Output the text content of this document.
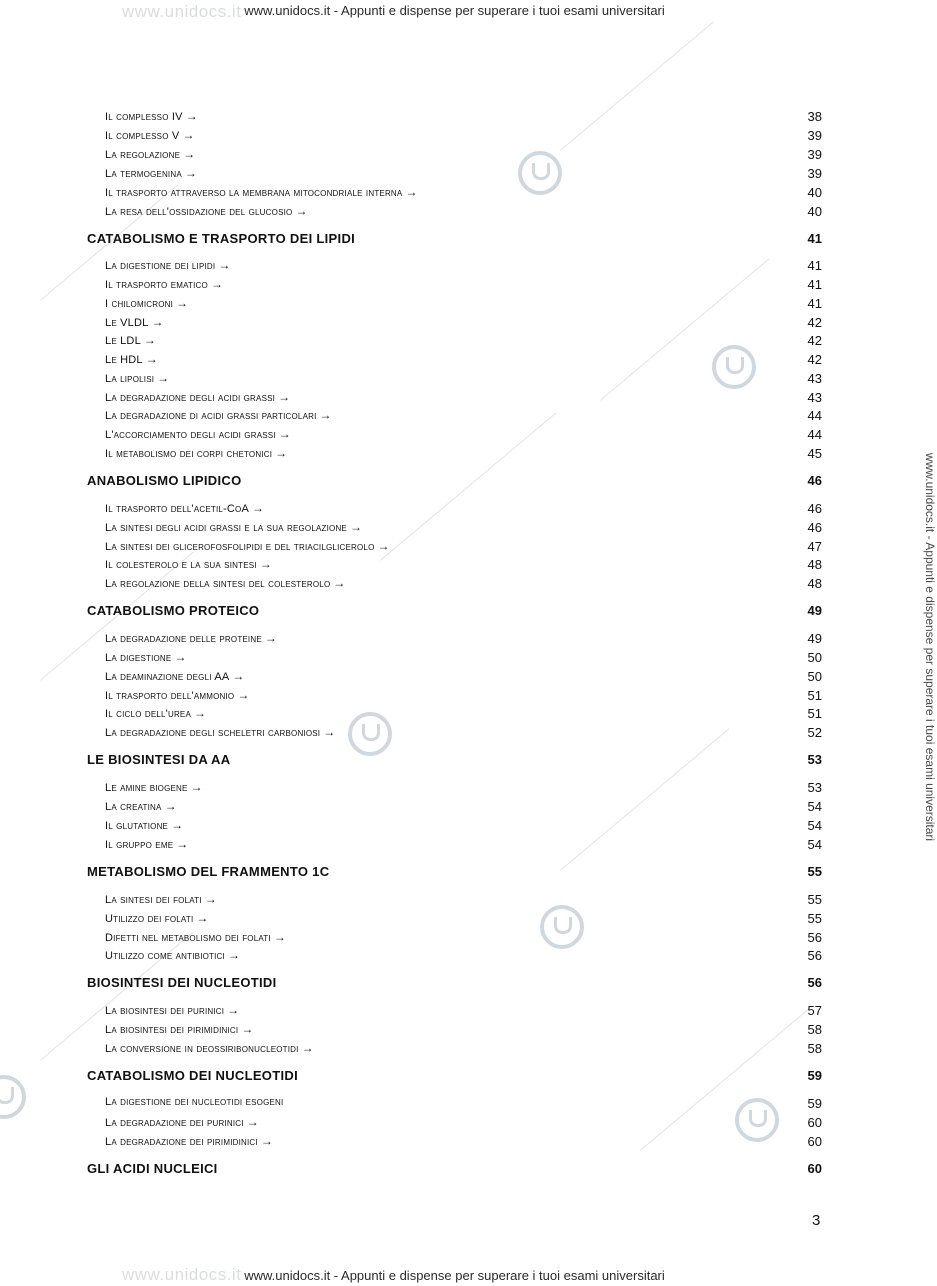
www.unidocs.it
www.unidocs.it
www.unidocs.it - Appunti e dispense per superare i tuoi esami universitari
www.unidocs.it - Appunti e dispense per superare i tuoi esami universitari
www.unidocs.it - Appunti e dispense per superare i tuoi esami universitari
Il complesso IV →	38
Il complesso V →	39
La regolazione →	39
La termogenina →	39
Il trasporto attraverso la membrana mitocondriale interna →	40
La resa dell'ossidazione del glucosio →	40
CATABOLISMO E TRASPORTO DEI LIPIDI	41
La digestione dei lipidi →	41
Il trasporto ematico →	41
I chilomicroni →	41
Le VLDL →	42
Le LDL →	42
Le HDL →	42
La lipolisi →	43
La degradazione degli acidi grassi →	43
La degradazione di acidi grassi particolari →	44
L'accorciamento degli acidi grassi →	44
Il metabolismo dei corpi chetonici →	45
ANABOLISMO LIPIDICO	46
Il trasporto dell'acetil-CoA →	46
La sintesi degli acidi grassi e la sua regolazione →	46
La sintesi dei glicerofosfolipidi e del triacilglicerolo →	47
Il colesterolo e la sua sintesi →	48
La regolazione della sintesi del colesterolo →	48
CATABOLISMO PROTEICO	49
La degradazione delle proteine →	49
La digestione →	50
La deaminazione degli AA →	50
Il trasporto dell'ammonio →	51
Il ciclo dell'urea →	51
La degradazione degli scheletri carboniosi →	52
LE BIOSINTESI DA AA	53
Le amine biogene →	53
La creatina →	54
Il glutatione →	54
Il gruppo eme →	54
METABOLISMO DEL FRAMMENTO 1C	55
La sintesi dei folati →	55
Utilizzo dei folati →	55
Difetti nel metabolismo dei folati →	56
Utilizzo come antibiotici →	56
BIOSINTESI DEI NUCLEOTIDI	56
La biosintesi dei purinici →	57
La biosintesi dei pirimidinici →	58
La conversione in deossiribonucleotidi →	58
CATABOLISMO DEI NUCLEOTIDI	59
La digestione dei nucleotidi esogeni	59
La degradazione dei purinici →	60
La degradazione dei pirimidinici →	60
GLI ACIDI NUCLEICI	60
3
